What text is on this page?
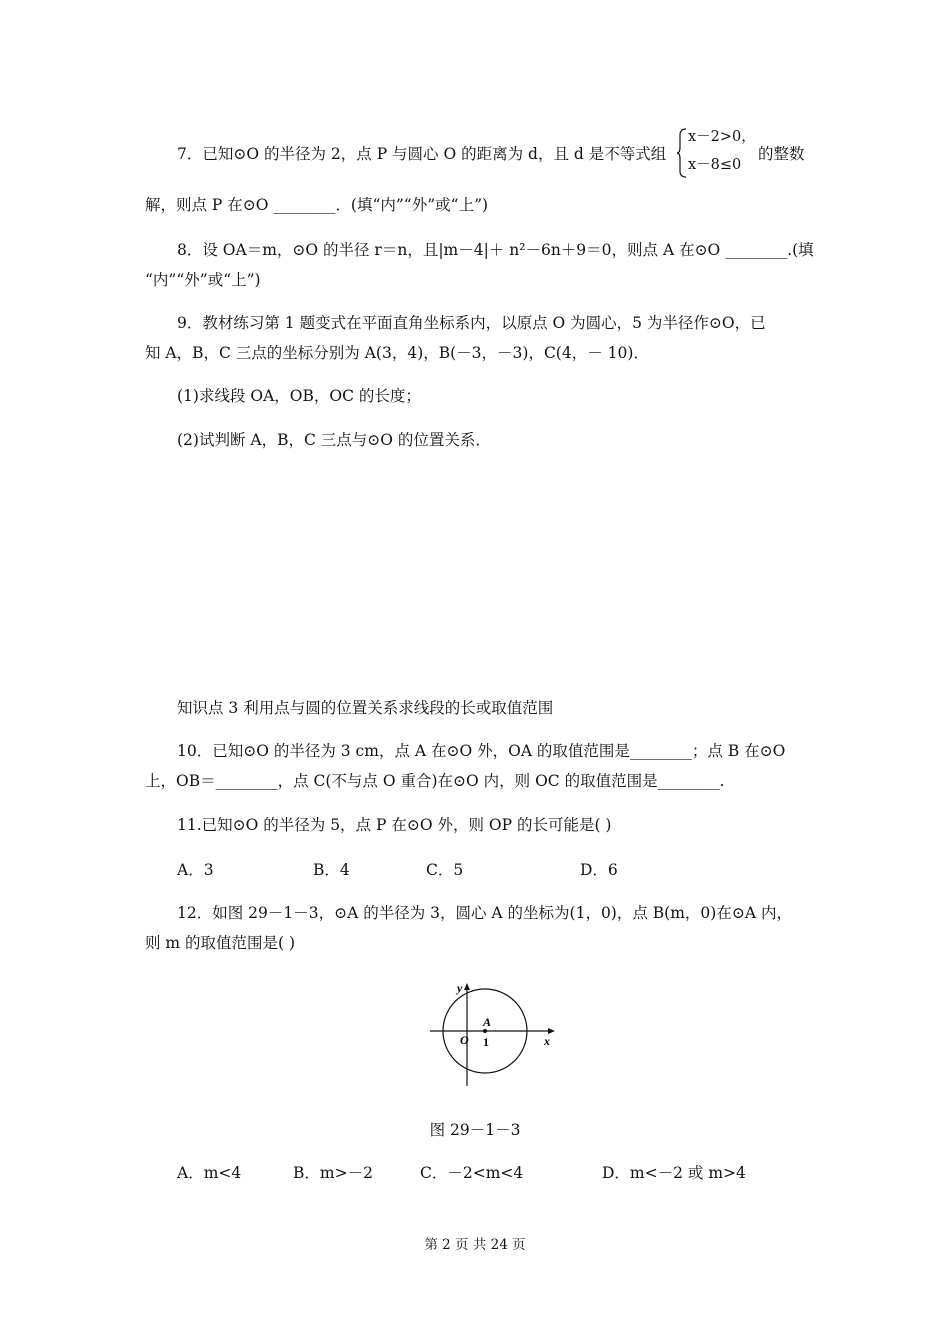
7．已知⊙O 的半径为 2，点 P 与圆心 O 的距离为 d，且 d 是不等式组
x－2>0，
x－8≤0
的整数
解，则点 P 在⊙O ________．(填“内”“外”或“上”)
8．设 OA＝m，⊙O 的半径 r＝n，且|m－4|＋ n²－6n＋9＝0，则点 A 在⊙O ________.(填
“内”“外”或“上”)
9．教材练习第 1 题变式在平面直角坐标系内，以原点 O 为圆心，5 为半径作⊙O，已
知 A，B，C 三点的坐标分别为 A(3，4)，B(－3，－3)，C(4，－ 10)．
(1)求线段 OA，OB，OC 的长度；
(2)试判断 A，B，C 三点与⊙O 的位置关系．
知识点 3 利用点与圆的位置关系求线段的长或取值范围
10．已知⊙O 的半径为 3 cm，点 A 在⊙O 外，OA 的取值范围是________；点 B 在⊙O
上，OB＝________，点 C(不与点 O 重合)在⊙O 内，则 OC 的取值范围是________.
11.已知⊙O 的半径为 5，点 P 在⊙O 外，则 OP 的长可能是( )
A．3	B．4	C．5	D．6
12．如图 29－1－3，⊙A 的半径为 3，圆心 A 的坐标为(1，0)，点 B(m，0)在⊙A 内，
则 m 的取值范围是( )
y
x
O
A
1
图 29－1－3
A．m<4	B．m>－2	C．－2<m<4	D．m<－2 或 m>4
第 2 页 共 24 页
